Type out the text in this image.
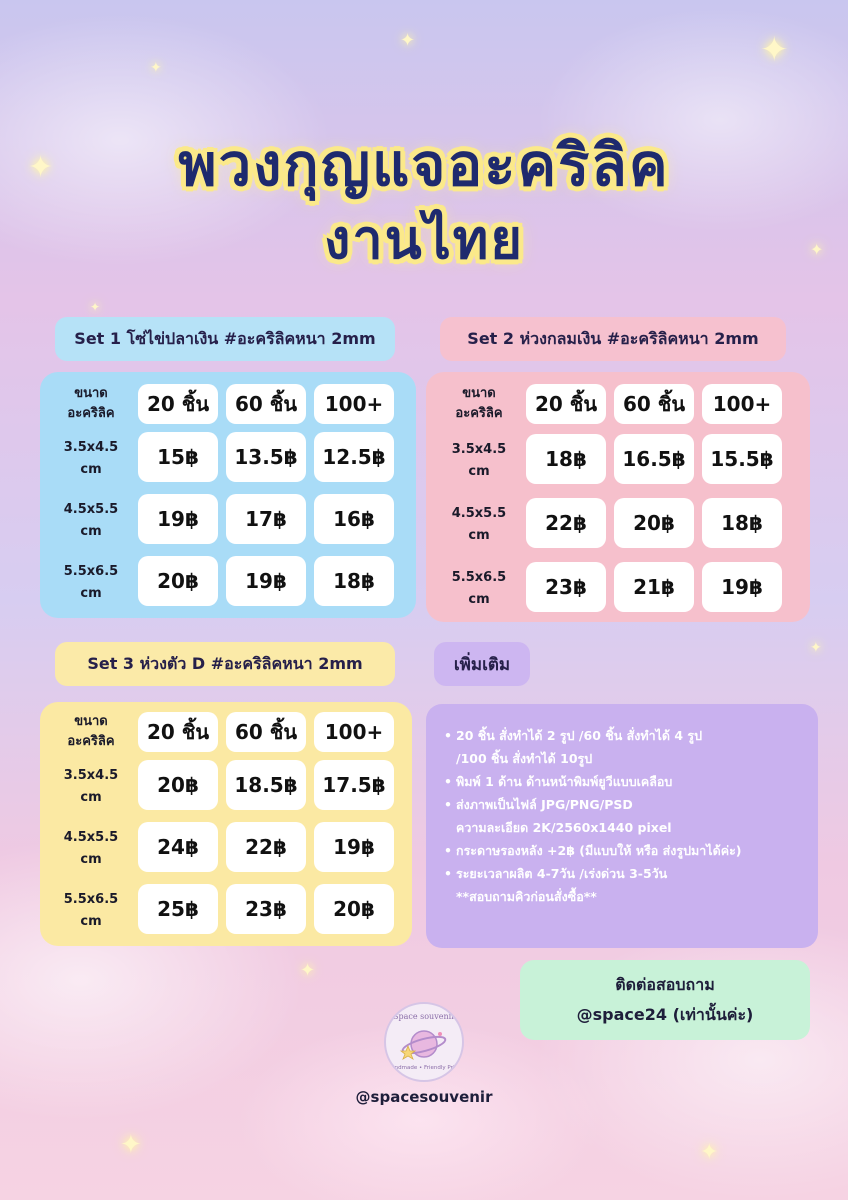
✦
✦
✦	✦
✦
✦
✦	✦
✦
✦
พวงกุญแจอะคริลิค
งานไทย
Set 1 โซ่ไข่ปลาเงิน #อะคริลิคหนา 2mm
ขนาด
อะคริลิค	20 ชิ้น	60 ชิ้น	100+
3.5x4.5
cm
15฿	13.5฿	12.5฿
4.5x5.5
cm
19฿	17฿	16฿
5.5x6.5
cm
20฿	19฿	18฿
Set 2 ห่วงกลมเงิน #อะคริลิคหนา 2mm
ขนาด
อะคริลิค	20 ชิ้น	60 ชิ้น	100+
3.5x4.5
cm
18฿	16.5฿	15.5฿
4.5x5.5
cm
22฿	20฿	18฿
5.5x6.5
cm
23฿	21฿	19฿
Set 3 ห่วงตัว D #อะคริลิคหนา 2mm
ขนาด
อะคริลิค	20 ชิ้น	60 ชิ้น	100+
3.5x4.5
cm
20฿	18.5฿	17.5฿
4.5x5.5
cm
24฿	22฿	19฿
5.5x6.5
cm
25฿	23฿	20฿
เพิ่มเติม
• 20 ชิ้น สั่งทำได้ 2 รูป /60 ชิ้น สั่งทำได้ 4 รูป
/100 ชิ้น สั่งทำได้ 10รูป
• พิมพ์ 1 ด้าน ด้านหน้าพิมพ์ยูวีแบบเคลือบ
• ส่งภาพเป็นไฟล์ JPG/PNG/PSD
ความละเอียด 2K/2560x1440 pixel
• กระดาษรองหลัง +2฿ (มีแบบให้ หรือ ส่งรูปมาได้ค่ะ)
• ระยะเวลาผลิต 4-7วัน /เร่งด่วน 3-5วัน
**สอบถามคิวก่อนสั่งซื้อ**
ติดต่อสอบถาม
@space24 (เท่านั้นค่ะ)
Space souvenir
Handmade • Friendly Price
@spacesouvenir
